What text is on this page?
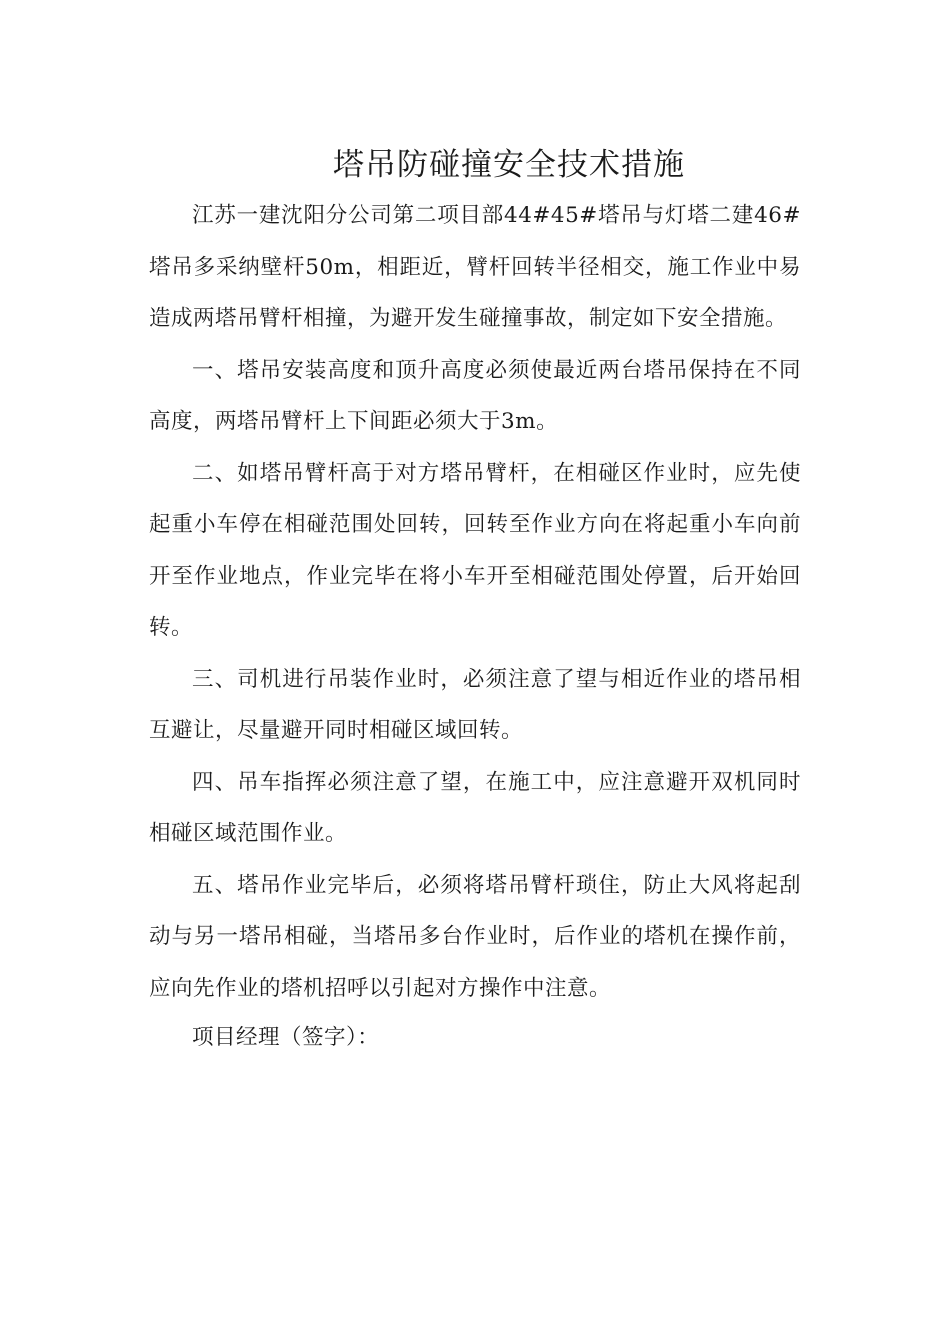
塔吊防碰撞安全技术措施

江苏一建沈阳分公司第二项目部44#45#塔吊与灯塔二建46#塔吊多采纳壁杆50m，相距近，臂杆回转半径相交，施工作业中易造成两塔吊臂杆相撞，为避开发生碰撞事故，制定如下安全措施。

一、塔吊安装高度和顶升高度必须使最近两台塔吊保持在不同高度，两塔吊臂杆上下间距必须大于3m。

二、如塔吊臂杆高于对方塔吊臂杆，在相碰区作业时，应先使起重小车停在相碰范围处回转，回转至作业方向在将起重小车向前开至作业地点，作业完毕在将小车开至相碰范围处停置，后开始回转。

三、司机进行吊装作业时，必须注意了望与相近作业的塔吊相互避让，尽量避开同时相碰区域回转。

四、吊车指挥必须注意了望，在施工中，应注意避开双机同时相碰区域范围作业。

五、塔吊作业完毕后，必须将塔吊臂杆琐住，防止大风将起刮动与另一塔吊相碰，当塔吊多台作业时，后作业的塔机在操作前，应向先作业的塔机招呼以引起对方操作中注意。

项目经理（签字）：
